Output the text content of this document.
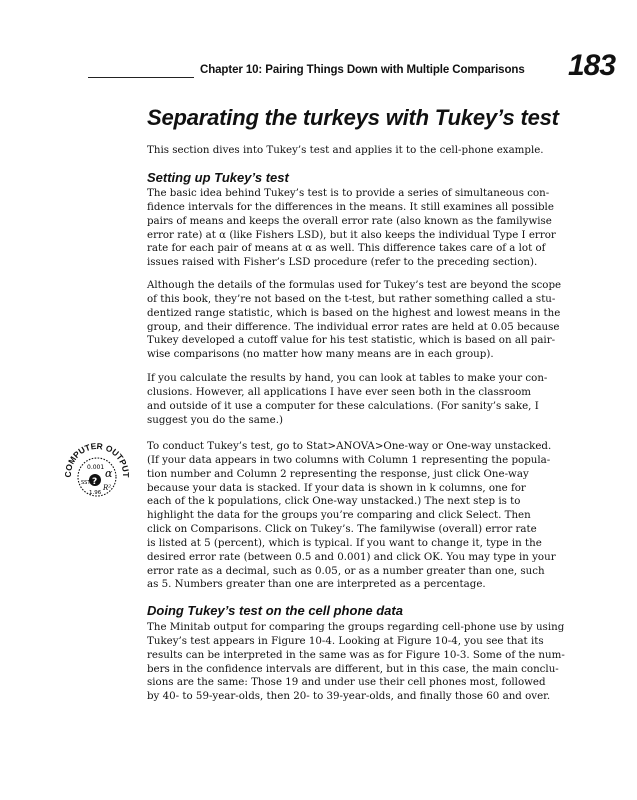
Chapter 10: Pairing Things Down with Multiple Comparisons 183
Separating the turkeys with Tukey’s test

This section dives into Tukey’s test and applies it to the cell-phone example.

Setting up Tukey’s test

The basic idea behind Tukey’s test is to provide a series of simultaneous con-
fidence intervals for the differences in the means. It still examines all possible
pairs of means and keeps the overall error rate (also known as the familywise
error rate) at α (like Fishers LSD), but it also keeps the individual Type I error
rate for each pair of means at α as well. This difference takes care of a lot of
issues raised with Fisher’s LSD procedure (refer to the preceding section).

Although the details of the formulas used for Tukey’s test are beyond the scope
of this book, they’re not based on the t-test, but rather something called a stu-
dentized range statistic, which is based on the highest and lowest means in the
group, and their difference. The individual error rates are held at 0.05 because
Tukey developed a cutoff value for his test statistic, which is based on all pair-
wise comparisons (no matter how many means are in each group).

If you calculate the results by hand, you can look at tables to make your con-
clusions. However, all applications I have ever seen both in the classroom
and outside of it use a computer for these calculations. (For sanity’s sake, I
suggest you do the same.)

COMPUTER OUTPUT
0.001 α
?
R²
SST
1.96

To conduct Tukey’s test, go to Stat>ANOVA>One-way or One-way unstacked.
(If your data appears in two columns with Column 1 representing the popula-
tion number and Column 2 representing the response, just click One-way
because your data is stacked. If your data is shown in k columns, one for
each of the k populations, click One-way unstacked.) The next step is to
highlight the data for the groups you’re comparing and click Select. Then
click on Comparisons. Click on Tukey’s. The familywise (overall) error rate
is listed at 5 (percent), which is typical. If you want to change it, type in the
desired error rate (between 0.5 and 0.001) and click OK. You may type in your
error rate as a decimal, such as 0.05, or as a number greater than one, such
as 5. Numbers greater than one are interpreted as a percentage.

Doing Tukey’s test on the cell phone data

The Minitab output for comparing the groups regarding cell-phone use by using
Tukey’s test appears in Figure 10-4. Looking at Figure 10-4, you see that its
results can be interpreted in the same was as for Figure 10-3. Some of the num-
bers in the confidence intervals are different, but in this case, the main conclu-
sions are the same: Those 19 and under use their cell phones most, followed
by 40- to 59-year-olds, then 20- to 39-year-olds, and finally those 60 and over.
